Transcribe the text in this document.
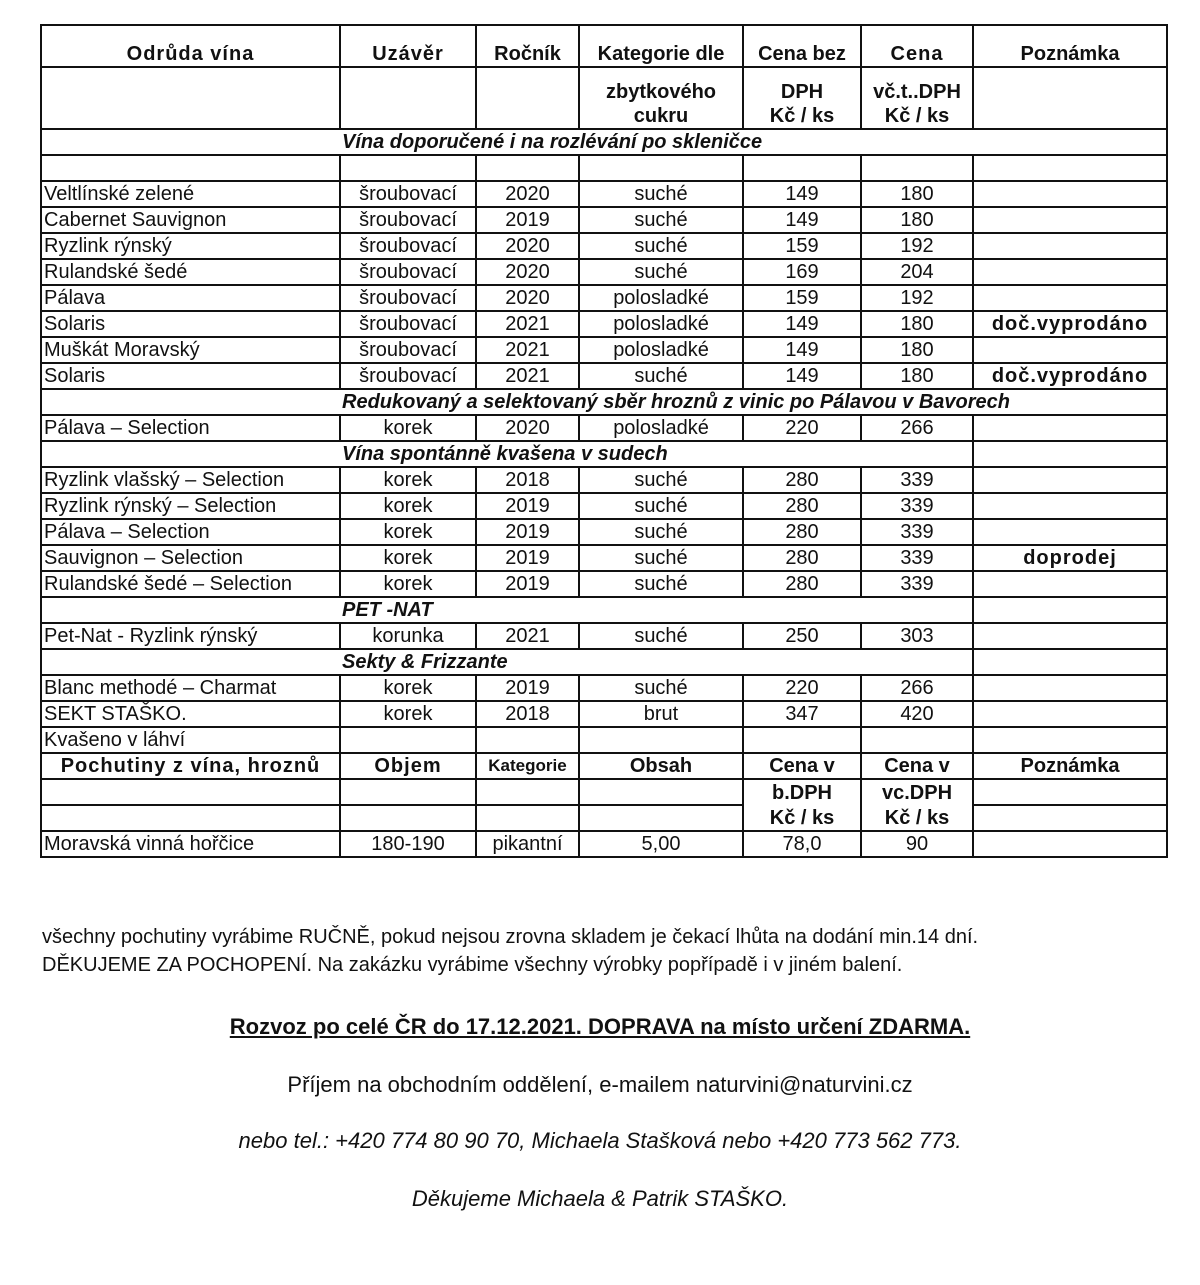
Odrůda vína	Uzávěr	Ročník	Kategorie dle	Cena bez	Cena	Poznámka
			zbytkového	DPH	vč.t..DPH	
			cukru	Kč / ks	Kč / ks	
Vína doporučené i na rozlévání po skleničce						

Veltlínské zelené	šroubovací	2020	suché	149	180	
Cabernet Sauvignon	šroubovací	2019	suché	149	180	
Ryzlink rýnský	šroubovací	2020	suché	159	192	
Rulandské šedé	šroubovací	2020	suché	169	204	
Pálava	šroubovací	2020	polosladké	159	192	
Solaris	šroubovací	2021	polosladké	149	180	doč.vyprodáno
Muškát Moravský	šroubovací	2021	polosladké	149	180	
Solaris	šroubovací	2021	suché	149	180	doč.vyprodáno
Redukovaný a selektovaný sběr hroznů z vinic po Pálavou v Bavorech						
Pálava – Selection	korek	2020	polosladké	220	266	
Vína spontánně kvašena v sudech						
Ryzlink vlašský – Selection	korek	2018	suché	280	339	
Ryzlink rýnský – Selection	korek	2019	suché	280	339	
Pálava – Selection	korek	2019	suché	280	339	
Sauvignon – Selection	korek	2019	suché	280	339	doprodej
Rulandské šedé – Selection	korek	2019	suché	280	339	
PET -NAT						
Pet-Nat - Ryzlink rýnský	korunka	2021	suché	250	303	
Sekty & Frizzante						
Blanc methodé – Charmat	korek	2019	suché	220	266	
SEKT STAŠKO.	korek	2018	brut	347	420	
Kvašeno v láhví						
Pochutiny z vína, hroznů	Objem	Kategorie	Obsah	Cena v	Cena v	Poznámka
				b.DPH	vc.DPH	
				Kč / ks	Kč / ks	
Moravská vinná hořčice	180-190	pikantní	5,00	78,0	90	
všechny pochutiny vyrábime RUČNĚ, pokud nejsou zrovna skladem je čekací lhůta na dodání min.14 dní.
DĚKUJEME ZA POCHOPENÍ. Na zakázku vyrábime všechny výrobky popřípadě i v jiném balení.
Rozvoz po celé ČR do 17.12.2021. DOPRAVA na místo určení ZDARMA.
Příjem na obchodním oddělení, e-mailem naturvini@naturvini.cz
nebo tel.: +420 774 80 90 70, Michaela Stašková nebo +420 773 562 773.
Děkujeme Michaela & Patrik STAŠKO.
